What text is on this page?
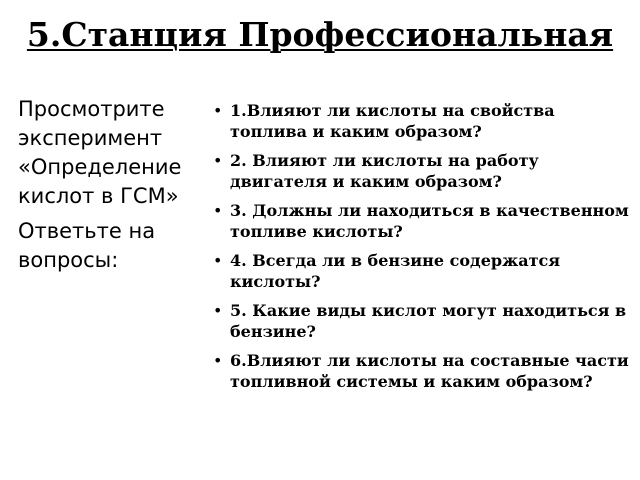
5.Станция Профессиональная

Просмотрите эксперимент «Определение кислот в ГСМ»

Ответьте на вопросы:

• 1.Влияют ли кислоты на свойства топлива и каким образом?
• 2. Влияют ли кислоты на работу двигателя и каким образом?
• 3. Должны ли находиться в качественном топливе кислоты?
• 4. Всегда ли в бензине содержатся кислоты?
• 5. Какие виды кислот могут находиться в бензине?
• 6.Влияют ли кислоты на составные части топливной системы и каким образом?
